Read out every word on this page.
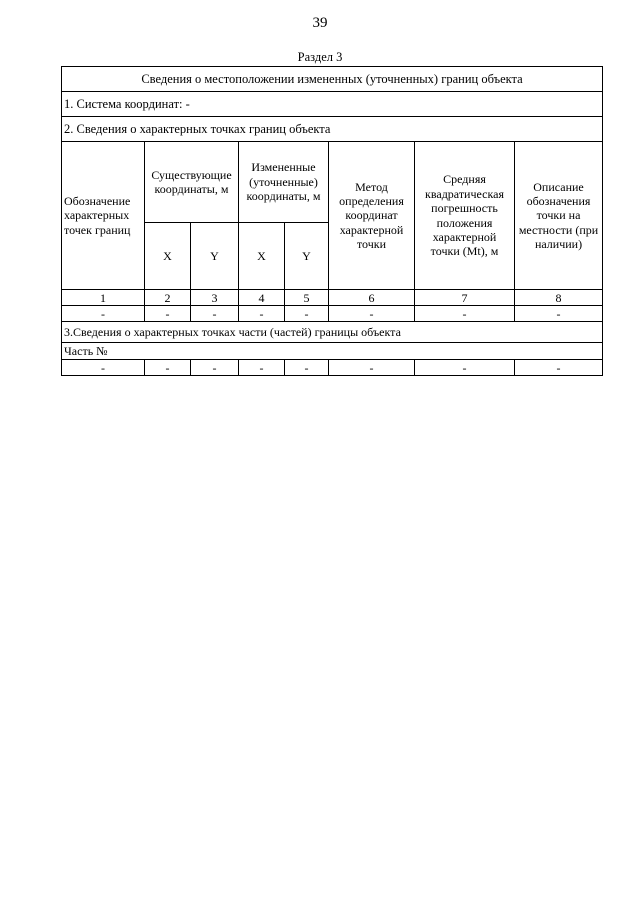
39
Раздел 3
Сведения о местоположении измененных (уточненных) границ объекта							
1. Система координат: -							
2. Сведения о характерных точках границ объекта							
Обозначение характерных точек границ	Существующие координаты, м		Измененные (уточненные) координаты, м		Метод определения координат характерной точки	Средняя квадратическая погрешность положения характерной точки (Mt), м	Описание обозначения точки на местности (при наличии)
	X	Y	X	Y			
1	2	3	4	5	6	7	8
-	-	-	-	-	-	-	-
3.Сведения о характерных точках части (частей) границы объекта							
Часть №							
-	-	-	-	-	-	-	-
